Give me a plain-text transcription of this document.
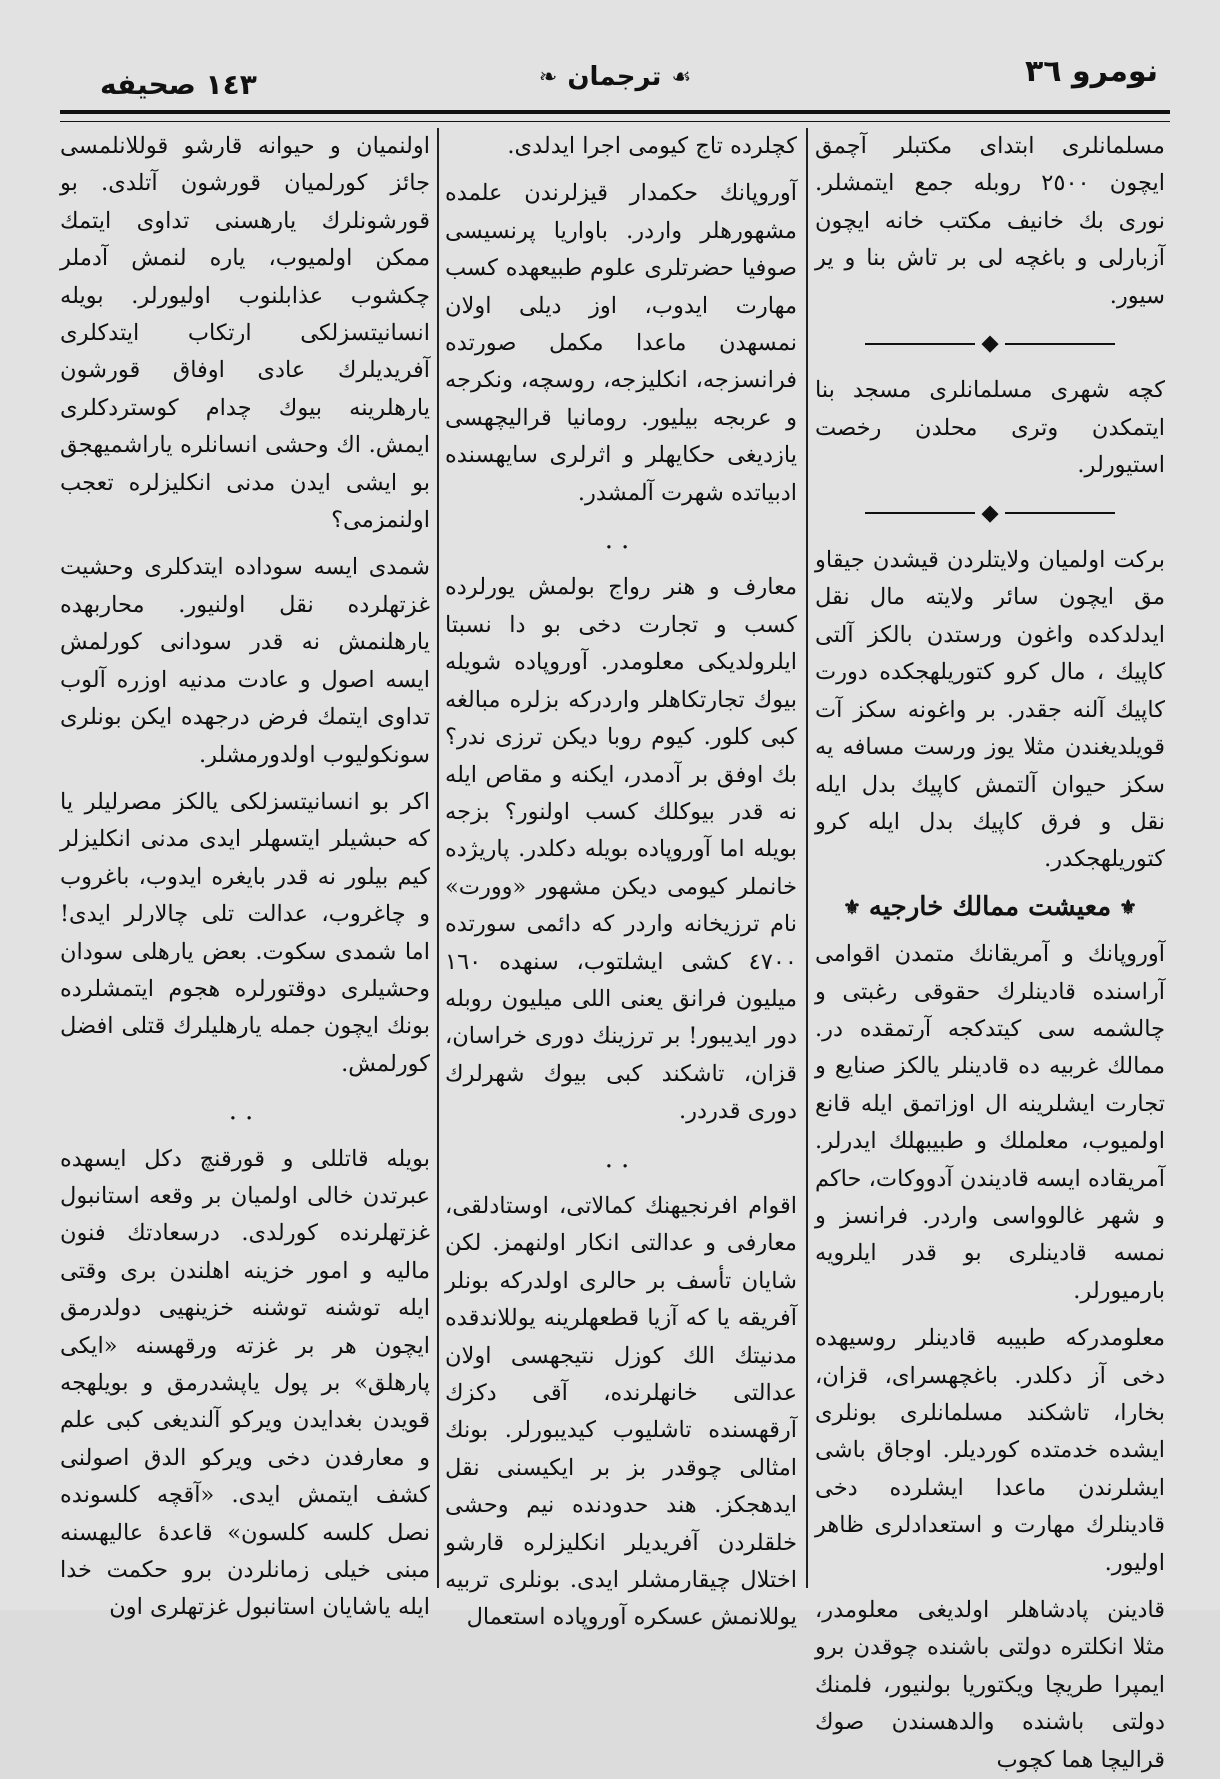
نومرو ٣٦
☙
ترجمان
❧
١٤٣ صحيفه

مسلمانلری ابتدای مکتبلر آچمق ایچون ٢٥٠٠ روبله جمع ایتمشلر. نوری بك خانیف مکتب خانه ایچون آزبارلی و باغچه لی بر تاش بنا و یر سیور.

◆

کچه شهری مسلمانلری مسجد بنا ایتمکدن وتری محلدن رخصت استیورلر.

◆

برکت اولمیان ولایتلردن قیشدن جیقاو مق ایچون سائر ولایته مال نقل ایدلدکده واغون ورستدن بالکز آلتی کاپیك ، مال کرو کتوریلهجکده دورت کاپیك آلنه جقدر. بر واغونه سکز آت قویلدیغندن مثلا یوز ورست مسافه یه سکز حیوان آلتمش کاپیك بدل ایله نقل و فرق کاپیك بدل ایله کرو کتوریلهجکدر.

⚜
معیشت ممالك خارجیه
⚜

آوروپانك و آمریقانك متمدن اقوامی آراسنده قادینلرك حقوقی رغبتی و چالشمه سی کیتدکجه آرتمقده در. ممالك غربیه ده قادینلر یالکز صنایع و تجارت ایشلرینه ال اوزاتمق ایله قانع اولمیوب، معلملك و طبیبهلك ایدرلر. آمریقاده ایسه قادیندن آدووکات، حاکم و شهر غالوواسی واردر. فرانسز و نمسه قادینلری بو قدر ایلرویه بارمیورلر.

معلومدرکه طبیبه قادینلر روسیهده دخی آز دکلدر. باغچهسرای، قزان، بخارا، تاشکند مسلمانلری بونلری ایشده خدمتده کوردیلر. اوجاق باشی ایشلرندن ماعدا ایشلرده دخی قادینلرك مهارت و استعدادلری ظاهر اولیور.

قادینن پادشاهلر اولدیغی معلومدر، مثلا انکلتره دولتی باشنده چوقدن برو ایمپرا طریچا ویکتوریا بولنیور، فلمنك دولتی باشنده والدهسندن صوك قرالیچا هما کچوب

کچلرده تاج کیومی اجرا ایدلدی.

آوروپانك حکمدار قیزلرندن علمده مشهورهلر واردر. باواریا پرنسیسی صوفیا حضرتلری علوم طبیعهده کسب مهارت ایدوب، اوز دیلی اولان نمسهدن ماعدا مکمل صورتده فرانسزجه، انکلیزجه، روسچه، ونکرجه و عربجه بیلیور. رومانیا قرالیچهسی یازدیغی حکایهلر و اثرلری سایهسنده ادبیاتده شهرت آلمشدر.

..

معارف و هنر رواج بولمش یورلرده کسب و تجارت دخی بو دا نسبتا ایلرولدیکی معلومدر. آوروپاده شویله بیوك تجارتکاهلر واردرکه بزلره مبالغه کبی کلور. کیوم روبا دیکن ترزی ندر؟ بك اوفق بر آدمدر، ایکنه و مقاص ایله نه قدر بیوکلك کسب اولنور؟ بزجه بویله اما آوروپاده بویله دکلدر. پاریژده خانملر کیومی دیکن مشهور «وورت» نام ترزیخانه واردر که دائمی سورتده ٤٧٠٠ کشی ایشلتوب، سنهده ١٦٠ میلیون فرانق یعنی اللی میلیون روبله دور ایدیبور! بر ترزینك دوری خراسان، قزان، تاشکند کبی بیوك شهرلرك دوری قدردر.

..

اقوام افرنجیهنك کمالاتی، اوستادلقی، معارفی و عدالتی انکار اولنهمز. لکن شایان تأسف بر حالری اولدرکه بونلر آفریقه یا که آزیا قطعهلرینه یوللاندقده مدنیتك الك کوزل نتیجهسی اولان عدالتی خانهلرنده، آقی دکزك آرقهسنده تاشلیوب کیدیبورلر. بونك امثالی چوقدر بز بر ایکیسنی نقل ایدهجکز. هند حدودنده نیم وحشی خلقلردن آفریدیلر انکلیزلره قارشو اختلال چیقارمشلر ایدی. بونلری تربیه یوللانمش عسکره آوروپاده استعمال

اولنمیان و حیوانه قارشو قوللانلمسی جائز کورلمیان قورشون آتلدی. بو قورشونلرك یارهسنی تداوی ایتمك ممکن اولمیوب، یاره لنمش آدملر چکشوب عذابلنوب اولیورلر. بویله انسانیتسزلکی ارتکاب ایتدکلری آفریدیلرك عادی اوفاق قورشون یارهلرینه بیوك چدام کوستردکلری ایمش. اك وحشی انسانلره یاراشمیهجق بو ایشی ایدن مدنی انکلیزلره تعجب اولنمزمی؟

شمدی ایسه سوداده ایتدکلری وحشیت غزتهلرده نقل اولنیور. محاربهده یارهلنمش نه قدر سودانی کورلمش ایسه اصول و عادت مدنیه اوزره آلوب تداوی ایتمك فرض درجهده ایکن بونلری سونکولیوب اولدورمشلر.

اکر بو انسانیتسزلکی یالکز مصرلیلر یا که حبشیلر ایتسهلر ایدی مدنی انکلیزلر کیم بیلور نه قدر بایغره ایدوب، باغروب و چاغروب، عدالت تلی چالارلر ایدی! اما شمدی سکوت. بعض یارهلی سودان وحشیلری دوقتورلره هجوم ایتمشلرده بونك ایچون جمله یارهلیلرك قتلی افضل کورلمش.

..

بویله قاتللی و قورقنچ دکل ایسهده عبرتدن خالی اولمیان بر وقعه استانبول غزتهلرنده کورلدی. درسعادتك فنون مالیه و امور خزینه اهلندن بری وقتی ایله توشنه توشنه خزینهیی دولدرمق ایچون هر بر غزته ورقهسنه «ایکی پارهلق» بر پول یاپشدرمق و بویلهجه قویدن بغدایدن ویرکو آلندیغی کبی علم و معارفدن دخی ویرکو الدق اصولنی کشف ایتمش ایدی. «آقچه کلسونده نصل کلسه کلسون» قاعدهٔ عالیهسنه مبنی خیلی زمانلردن برو حکمت خدا ایله یاشایان استانبول غزتهلری اون
